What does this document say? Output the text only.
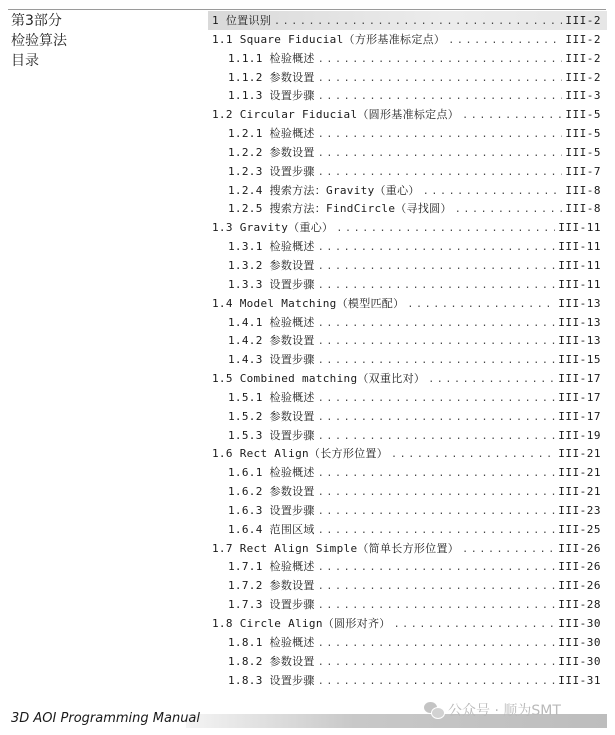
第3部分
检验算法
目录
1 位置识别 .....	III-2
1.1 Square Fiducial（方形基准标定点） .....	III-2
1.1.1 检验概述 .....	III-2
1.1.2 参数设置 .....	III-2
1.1.3 设置步骤 .....	III-3
1.2 Circular Fiducial（圆形基准标定点） .....	III-5
1.2.1 检验概述 .....	III-5
1.2.2 参数设置 .....	III-5
1.2.3 设置步骤 .....	III-7
1.2.4 搜索方法：Gravity（重心） .....	III-8
1.2.5 搜索方法：FindCircle（寻找圆） .....	III-8
1.3 Gravity（重心） .....	III-11
1.3.1 检验概述 .....	III-11
1.3.2 参数设置 .....	III-11
1.3.3 设置步骤 .....	III-11
1.4 Model Matching（模型匹配） .....	III-13
1.4.1 检验概述 .....	III-13
1.4.2 参数设置 .....	III-13
1.4.3 设置步骤 .....	III-15
1.5 Combined matching（双重比对） .....	III-17
1.5.1 检验概述 .....	III-17
1.5.2 参数设置 .....	III-17
1.5.3 设置步骤 .....	III-19
1.6 Rect Align（长方形位置） .....	III-21
1.6.1 检验概述 .....	III-21
1.6.2 参数设置 .....	III-21
1.6.3 设置步骤 .....	III-23
1.6.4 范围区域 .....	III-25
1.7 Rect Align Simple（简单长方形位置） .....	III-26
1.7.1 检验概述 .....	III-26
1.7.2 参数设置 .....	III-26
1.7.3 设置步骤 .....	III-28
1.8 Circle Align（圆形对齐） .....	III-30
1.8.1 检验概述 .....	III-30
1.8.2 参数设置 .....	III-30
1.8.3 设置步骤 .....	III-31
3D AOI Programming Manual	公众号 · 顺为SMT
